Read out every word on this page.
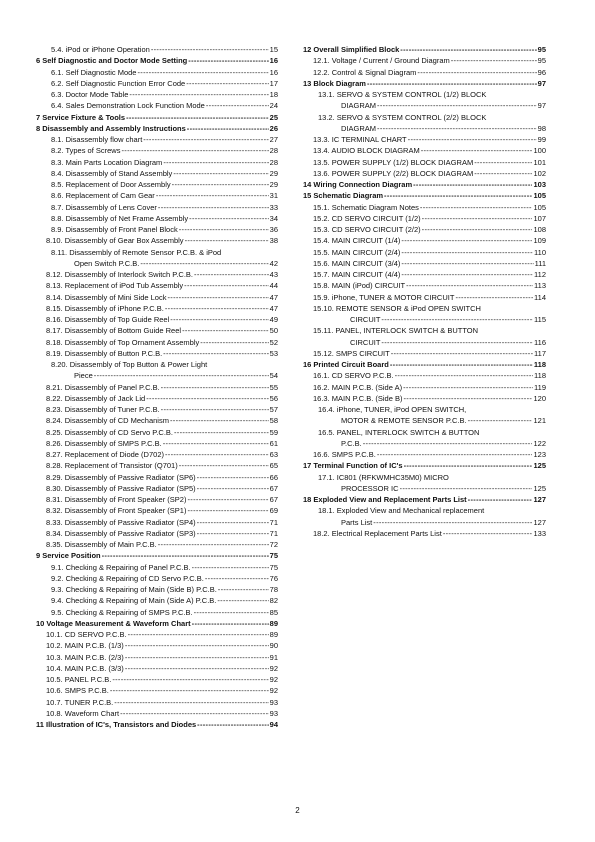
5.4. iPod or iPhone Operation -----	15
6 Self Diagnostic and Doctor Mode Setting -----	16
6.1. Self Diagnostic Mode -----	16
6.2. Self Diagnostic Function Error Code -----	17
6.3. Doctor Mode Table -----	18
6.4. Sales Demonstration Lock Function Mode -----	24
7 Service Fixture & Tools -----	25
8 Disassembly and Assembly Instructions -----	26
8.1. Disassembly flow chart -----	27
8.2. Types of Screws -----	28
8.3. Main Parts Location Diagram -----	28
8.4. Disassembly of Stand Assembly -----	29
8.5. Replacement of Door Assembly -----	29
8.6. Replacement of Cam Gear -----	31
8.7. Disassembly of Lens Cover -----	33
8.8. Disassembly of Net Frame Assembly -----	34
8.9. Disassembly of Front Panel Block -----	36
8.10. Disassembly of Gear Box Assembly -----	38
8.11. Disassembly of Remote Sensor P.C.B. & iPod
Open Switch P.C.B. -----	42
8.12. Disassembly of Interlock Switch P.C.B. -----	43
8.13. Replacement of iPod Tub Assembly -----	44
8.14. Disassembly of Mini Side Lock -----	47
8.15. Disassembly of iPhone P.C.B. -----	47
8.16. Disassembly of Top Guide Reel -----	49
8.17. Disassembly of Bottom Guide Reel -----	50
8.18. Disassembly of Top Ornament Assembly -----	52
8.19. Disassembly of Button P.C.B. -----	53
8.20. Disassembly of Top Button & Power Light
Piece -----	54
8.21. Disassembly of Panel P.C.B. -----	55
8.22. Disassembly of Jack Lid -----	56
8.23. Disassembly of Tuner P.C.B. -----	57
8.24. Disassembly of CD Mechanism -----	58
8.25. Disassembly of CD Servo P.C.B. -----	59
8.26. Disassembly of SMPS P.C.B. -----	61
8.27. Replacement of Diode (D702) -----	63
8.28. Replacement of Transistor (Q701) -----	65
8.29. Disassembly of Passive Radiator (SP6) -----	66
8.30. Disassembly of Passive Radiator (SP5) -----	67
8.31. Disassembly of Front Speaker (SP2) -----	67
8.32. Disassembly of Front Speaker (SP1) -----	69
8.33. Disassembly of Passive Radiator (SP4) -----	71
8.34. Disassembly of Passive Radiator (SP3) -----	71
8.35. Disassembly of Main P.C.B. -----	72
9 Service Position -----	75
9.1. Checking & Repairing of Panel P.C.B. -----	75
9.2. Checking & Repairing of CD Servo P.C.B. -----	76
9.3. Checking & Repairing of Main (Side B) P.C.B. -----	78
9.4. Checking & Repairing of Main (Side A) P.C.B. -----	82
9.5. Checking & Repairing of SMPS P.C.B. -----	85
10 Voltage Measurement & Waveform Chart -----	89
10.1. CD SERVO P.C.B. -----	89
10.2. MAIN P.C.B. (1/3) -----	90
10.3. MAIN P.C.B. (2/3) -----	91
10.4. MAIN P.C.B. (3/3) -----	92
10.5. PANEL P.C.B. -----	92
10.6. SMPS P.C.B. -----	92
10.7. TUNER P.C.B. -----	93
10.8. Waveform Chart -----	93
11 Illustration of IC's, Transistors and Diodes -----	94
12 Overall Simplified Block -----	95
12.1. Voltage / Current / Ground Diagram -----	95
12.2. Control & Signal Diagram -----	96
13 Block Diagram -----	97
13.1. SERVO & SYSTEM CONTROL (1/2) BLOCK
DIAGRAM -----	97
13.2. SERVO & SYSTEM CONTROL (2/2) BLOCK
DIAGRAM -----	98
13.3. IC TERMINAL CHART -----	99
13.4. AUDIO BLOCK DIAGRAM -----	100
13.5. POWER SUPPLY (1/2) BLOCK DIAGRAM -----	101
13.6. POWER SUPPLY (2/2) BLOCK DIAGRAM -----	102
14 Wiring Connection Diagram -----	103
15 Schematic Diagram -----	105
15.1. Schematic Diagram Notes -----	105
15.2. CD SERVO CIRCUIT (1/2) -----	107
15.3. CD SERVO CIRCUIT (2/2) -----	108
15.4. MAIN CIRCUIT (1/4) -----	109
15.5. MAIN CIRCUIT (2/4) -----	110
15.6. MAIN CIRCUIT (3/4) -----	111
15.7. MAIN CIRCUIT (4/4) -----	112
15.8. MAIN (iPod) CIRCUIT -----	113
15.9. iPhone, TUNER & MOTOR CIRCUIT -----	114
15.10. REMOTE SENSOR & iPod OPEN SWITCH
CIRCUIT -----	115
15.11. PANEL, INTERLOCK SWITCH & BUTTON
CIRCUIT -----	116
15.12. SMPS CIRCUIT -----	117
16 Printed Circuit Board -----	118
16.1. CD SERVO P.C.B. -----	118
16.2. MAIN P.C.B. (Side A) -----	119
16.3. MAIN P.C.B. (Side B) -----	120
16.4. iPhone, TUNER, iPod OPEN SWITCH,
MOTOR & REMOTE SENSOR P.C.B. -----	121
16.5. PANEL, INTERLOCK SWITCH & BUTTON
P.C.B. -----	122
16.6. SMPS P.C.B. -----	123
17 Terminal Function of IC's -----	125
17.1. IC801 (RFKWMHC35M0) MICRO
PROCESSOR IC -----	125
18 Exploded View and Replacement Parts List -----	127
18.1. Exploded View and Mechanical replacement
Parts List -----	127
18.2. Electrical Replacement Parts List -----	133
2
